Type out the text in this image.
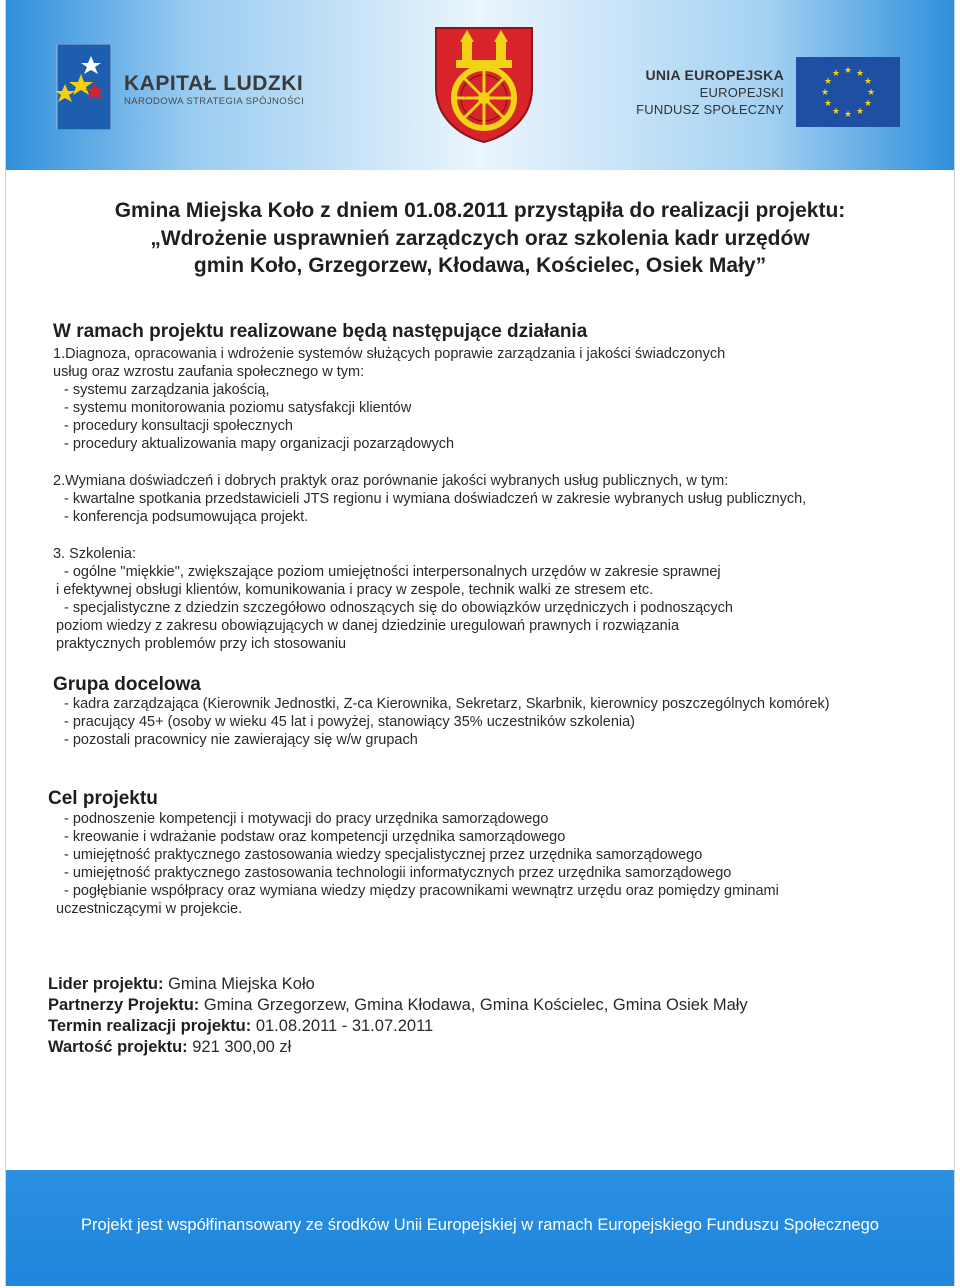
KAPITAŁ LUDZKI
NARODOWA STRATEGIA SPÓJNOŚCI
UNIA EUROPEJSKA
EUROPEJSKI
FUNDUSZ SPOŁECZNY
★ ★
★
★
★
★
★
★
★
★
★
★
Gmina Miejska Koło z dniem 01.08.2011 przystąpiła do realizacji projektu:
„Wdrożenie usprawnień zarządczych oraz szkolenia kadr urzędów
gmin Koło, Grzegorzew, Kłodawa, Kościelec, Osiek Mały”
W ramach projektu realizowane będą następujące działania
1.Diagnoza, opracowania i wdrożenie systemów służących poprawie zarządzania i jakości świadczonych
usług oraz wzrostu zaufania społecznego w tym:
- systemu zarządzania jakością,
- systemu monitorowania poziomu satysfakcji klientów
- procedury konsultacji społecznych
- procedury aktualizowania mapy organizacji pozarządowych
2.Wymiana doświadczeń i dobrych praktyk oraz porównanie jakości wybranych usług publicznych, w tym:
- kwartalne spotkania przedstawicieli JTS regionu i wymiana doświadczeń w zakresie wybranych usług publicznych,
- konferencja podsumowująca projekt.
3. Szkolenia:
- ogólne "miękkie", zwiększające poziom umiejętności interpersonalnych urzędów w zakresie sprawnej
i efektywnej obsługi klientów, komunikowania i pracy w zespole, technik walki ze stresem etc.
- specjalistyczne z dziedzin szczegółowo odnoszących się do obowiązków urzędniczych i podnoszących
poziom wiedzy z zakresu obowiązujących w danej dziedzinie uregulowań prawnych i rozwiązania
praktycznych problemów przy ich stosowaniu
Grupa docelowa
- kadra zarządzająca (Kierownik Jednostki, Z-ca Kierownika, Sekretarz, Skarbnik, kierownicy poszczególnych komórek)
- pracujący 45+ (osoby w wieku 45 lat i powyżej, stanowiący 35% uczestników szkolenia)
- pozostali pracownicy nie zawierający się w/w grupach
Cel projektu
- podnoszenie kompetencji i motywacji do pracy urzędnika samorządowego
- kreowanie i wdrażanie podstaw oraz kompetencji urzędnika samorządowego
- umiejętność praktycznego zastosowania wiedzy specjalistycznej przez urzędnika samorządowego
- umiejętność praktycznego zastosowania technologii informatycznych przez urzędnika samorządowego
- pogłębianie współpracy oraz wymiana wiedzy między pracownikami wewnątrz urzędu oraz pomiędzy gminami
uczestniczącymi w projekcie.
Lider projektu: Gmina Miejska Koło
Partnerzy Projektu: Gmina Grzegorzew, Gmina Kłodawa, Gmina Kościelec, Gmina Osiek Mały
Termin realizacji projektu: 01.08.2011 - 31.07.2011
Wartość projektu: 921 300,00 zł
Projekt jest współfinansowany ze środków Unii Europejskiej w ramach Europejskiego Funduszu Społecznego
